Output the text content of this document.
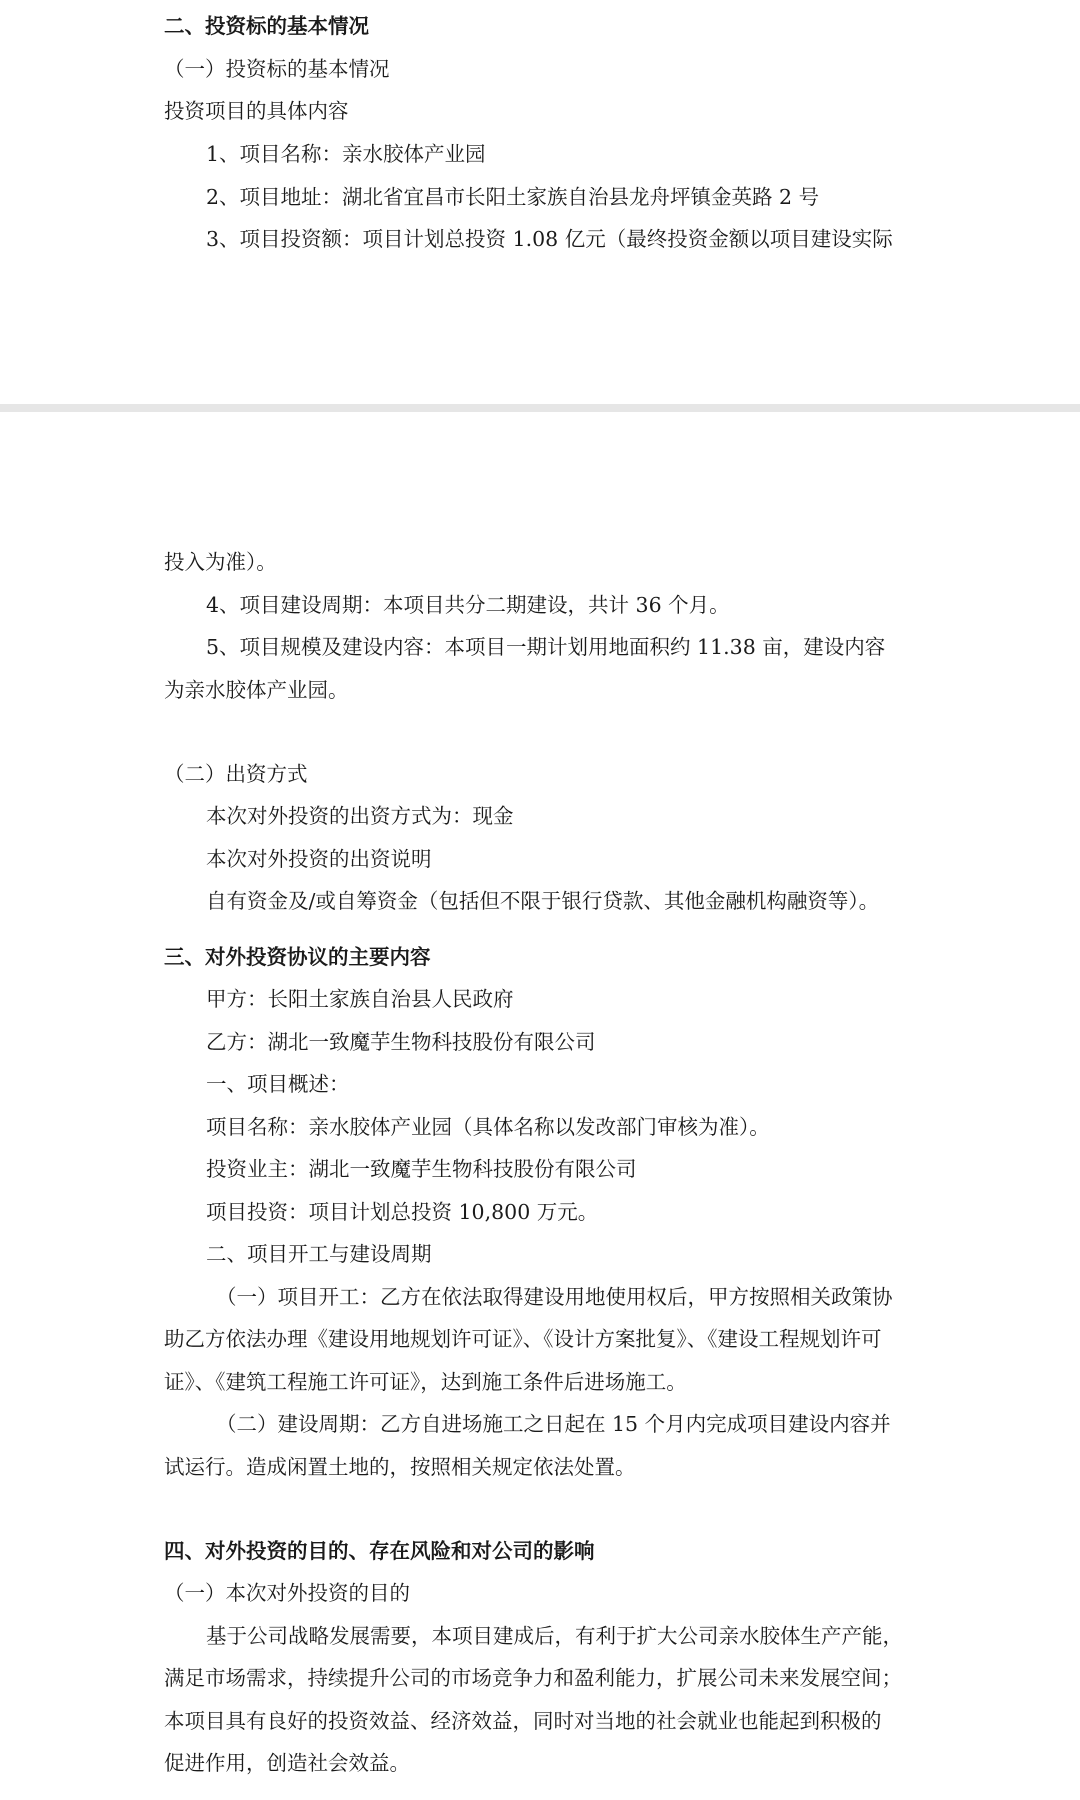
二、投资标的基本情况
（一）投资标的基本情况
投资项目的具体内容
1、项目名称：亲水胶体产业园
2、项目地址：湖北省宜昌市长阳土家族自治县龙舟坪镇金英路 2 号
3、项目投资额：项目计划总投资 1.08 亿元（最终投资金额以项目建设实际
投入为准）。
4、项目建设周期：本项目共分二期建设，共计 36 个月。
5、项目规模及建设内容：本项目一期计划用地面积约 11.38 亩，建设内容
为亲水胶体产业园。
（二）出资方式
本次对外投资的出资方式为：现金
本次对外投资的出资说明
自有资金及/或自筹资金（包括但不限于银行贷款、其他金融机构融资等）。
三、对外投资协议的主要内容
甲方：长阳土家族自治县人民政府
乙方：湖北一致魔芋生物科技股份有限公司
一、项目概述：
项目名称：亲水胶体产业园（具体名称以发改部门审核为准）。
投资业主：湖北一致魔芋生物科技股份有限公司
项目投资：项目计划总投资 10,800 万元。
二、项目开工与建设周期
（一）项目开工：乙方在依法取得建设用地使用权后，甲方按照相关政策协
助乙方依法办理《建设用地规划许可证》、《设计方案批复》、《建设工程规划许可
证》、《建筑工程施工许可证》，达到施工条件后进场施工。
（二）建设周期：乙方自进场施工之日起在 15 个月内完成项目建设内容并
试运行。造成闲置土地的，按照相关规定依法处置。
四、对外投资的目的、存在风险和对公司的影响
（一）本次对外投资的目的
基于公司战略发展需要，本项目建成后，有利于扩大公司亲水胶体生产产能，
满足市场需求，持续提升公司的市场竞争力和盈利能力，扩展公司未来发展空间；
本项目具有良好的投资效益、经济效益，同时对当地的社会就业也能起到积极的
促进作用，创造社会效益。
